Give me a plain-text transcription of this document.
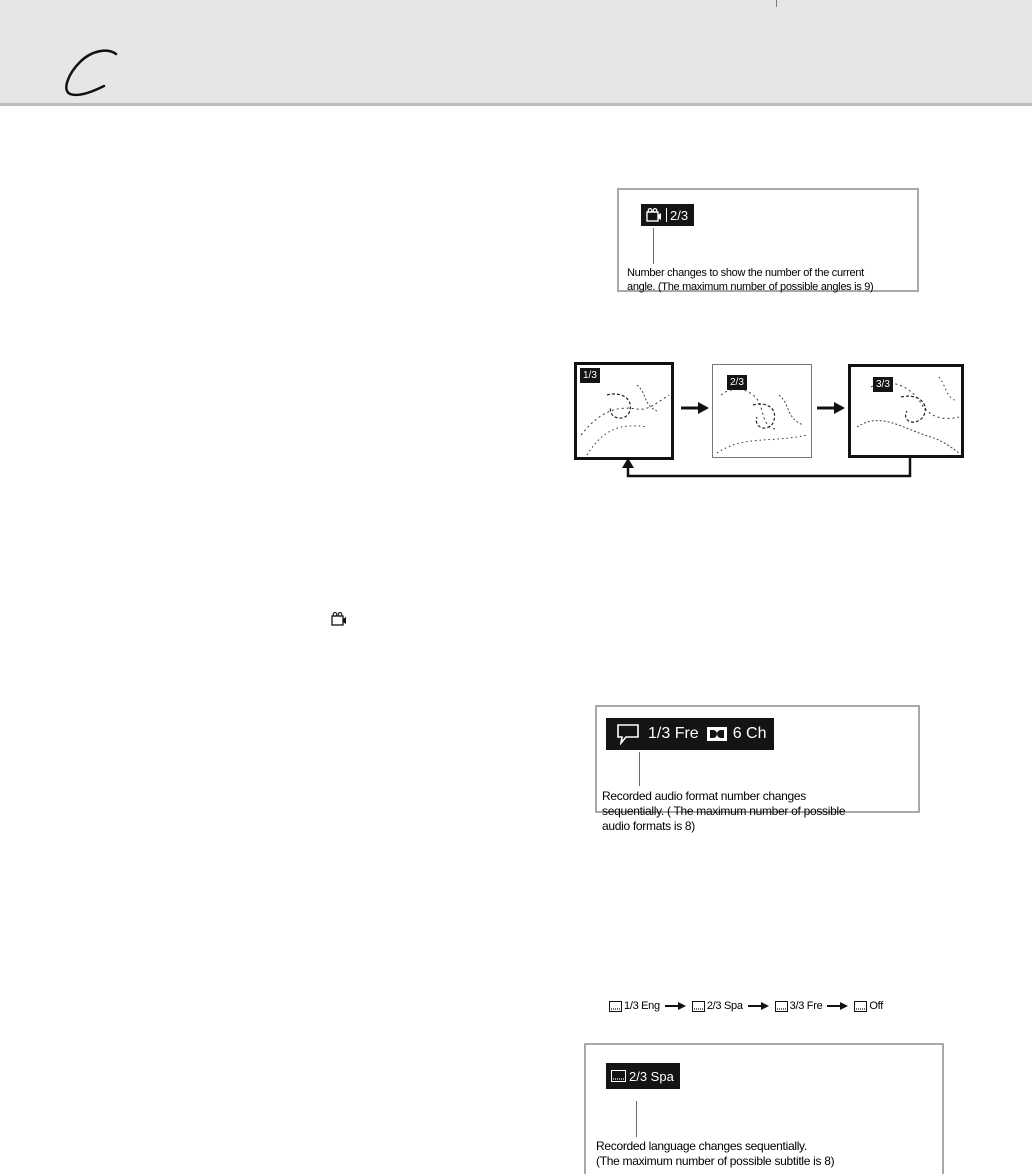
2/3
Number changes to show the number of the current
angle. (The maximum number of possible angles is 9)
1/3
2/3	3/3
1/3 Fre 6 Ch
Recorded audio format number changes
sequentially. ( The maximum number of possible
audio formats is 8)
1/3 Eng	2/3 Spa	3/3 Fre	Off
2/3 Spa
Recorded language changes sequentially.
(The maximum number of possible subtitle is 8)
